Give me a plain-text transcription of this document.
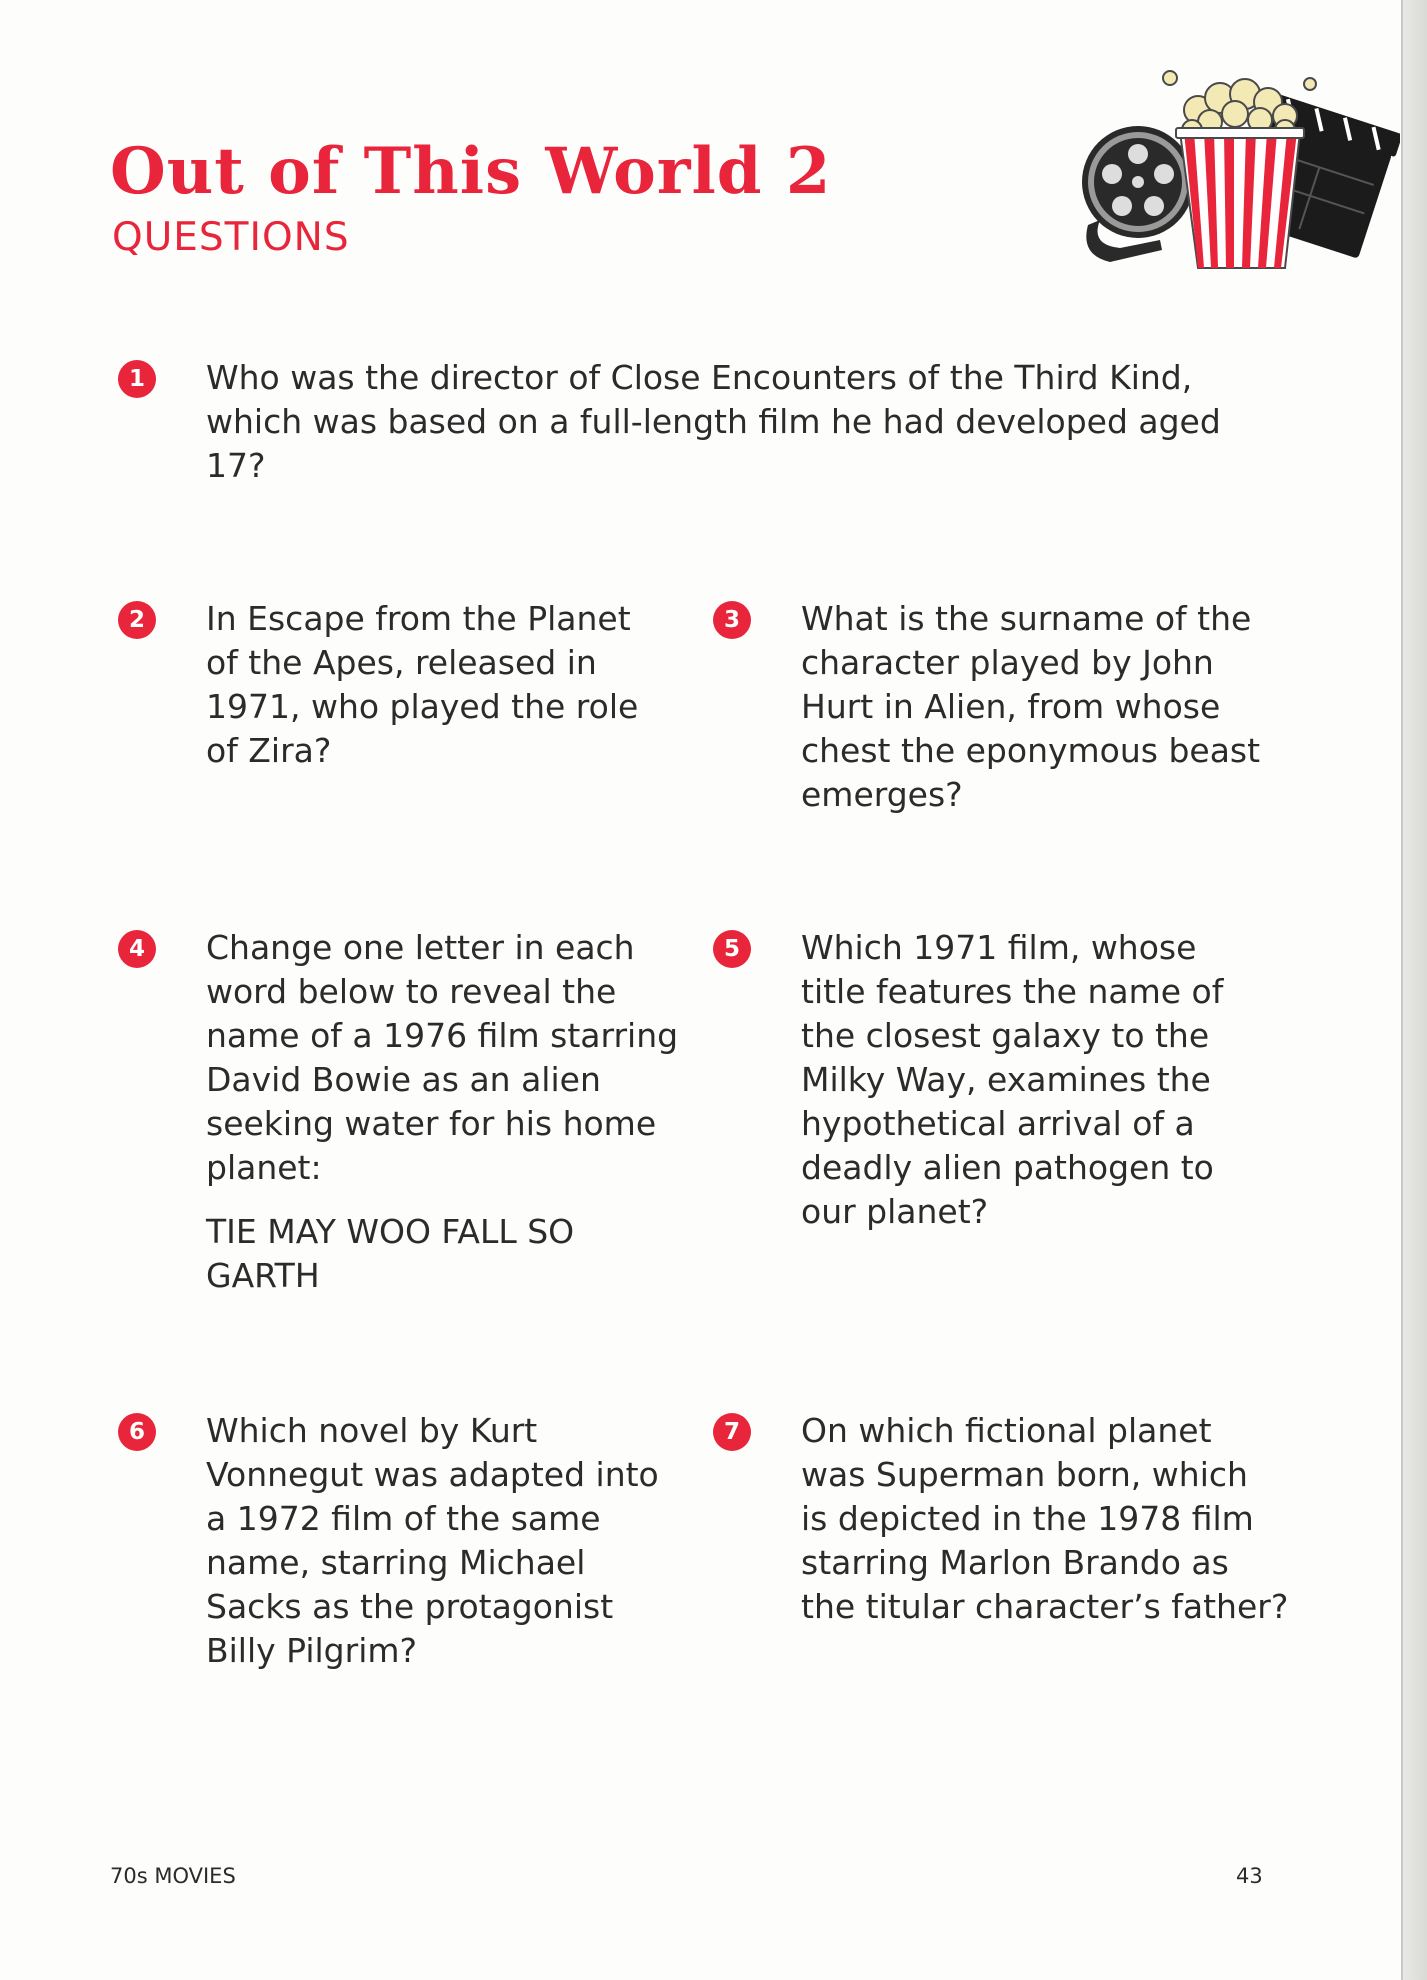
Out of This World 2
QUESTIONS
1	Who was the director of Close Encounters of the Third Kind,

which was based on a full-length film he had developed aged

17?

2	In Escape from the Planet

of the Apes, released in

1971, who played the role

of Zira?

3	What is the surname of the

character played by John

Hurt in Alien, from whose

chest the eponymous beast

emerges?

4	Change one letter in each

word below to reveal the

name of a 1976 film starring

David Bowie as an alien

seeking water for his home

planet:

TIE MAY WOO FALL SO

GARTH

5	Which 1971 film, whose

title features the name of

the closest galaxy to the

Milky Way, examines the

hypothetical arrival of a

deadly alien pathogen to

our planet?

6	Which novel by Kurt

Vonnegut was adapted into

a 1972 film of the same

name, starring Michael

Sacks as the protagonist

Billy Pilgrim?

7	On which fictional planet

was Superman born, which

is depicted in the 1978 film

starring Marlon Brando as

the titular character’s father?

70s MOVIES	43
